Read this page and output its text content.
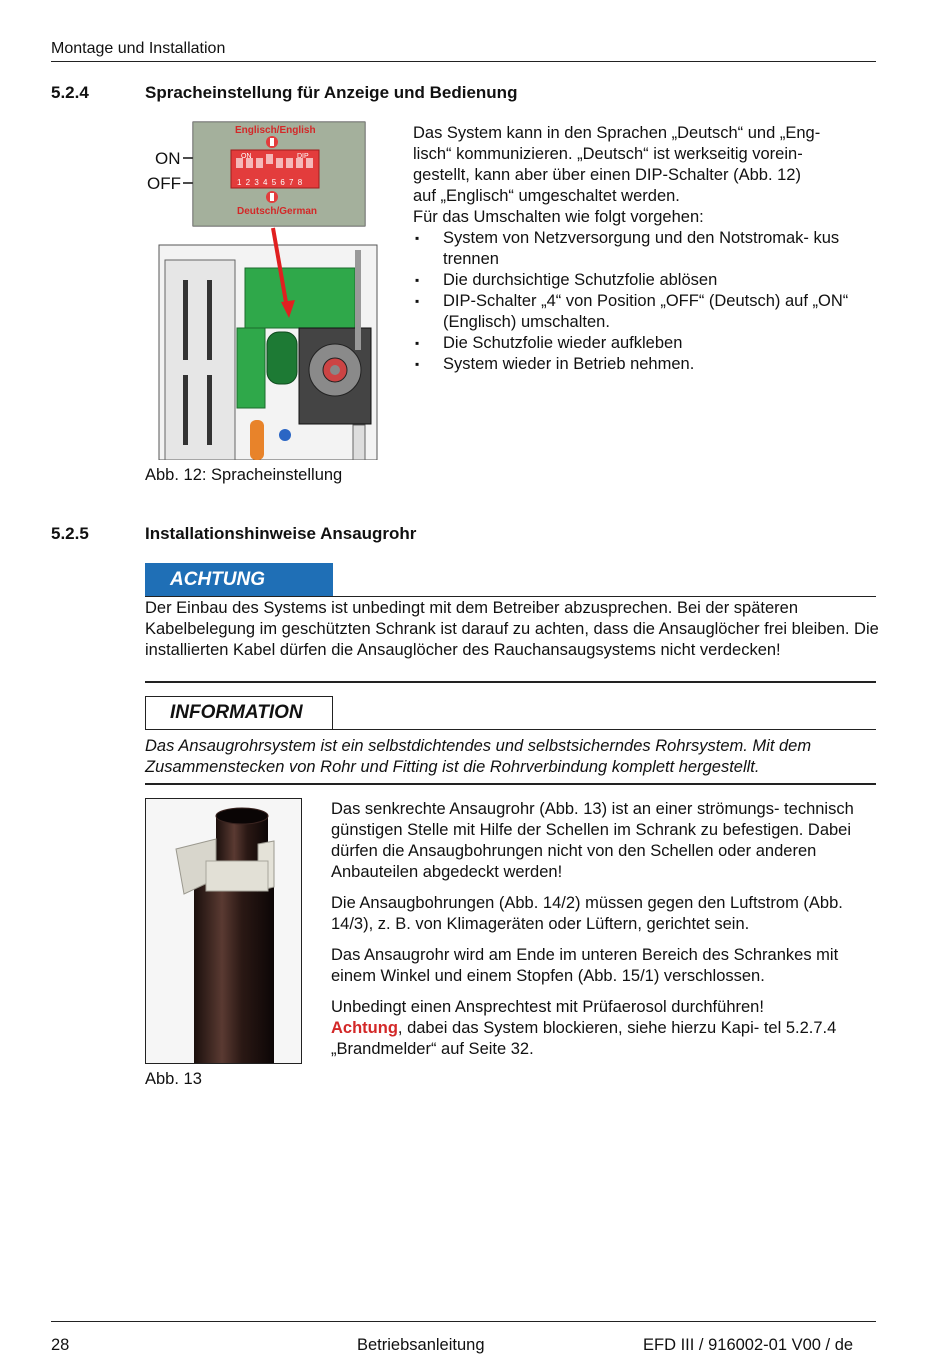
Montage und Installation
5.2.4	Spracheinstellung für Anzeige und Bedienung
ON
OFF
Englisch/English
ON	DIP
1 2 3 4 5 6 7 8
Deutsch/German
Abb. 12: Spracheinstellung
Das System kann in den Sprachen „Deutsch“ und „Eng-
lisch“ kommunizieren. „Deutsch“ ist werkseitig vorein-
gestellt, kann aber über einen DIP-Schalter (Abb. 12)
auf „Englisch“ umgeschaltet werden.
Für das Umschalten wie folgt vorgehen:
▪ System von Netzversorgung und den Notstromak- kus trennen
▪ Die durchsichtige Schutzfolie ablösen
▪ DIP-Schalter „4“ von Position „OFF“ (Deutsch) auf „ON“ (Englisch) umschalten.
▪ Die Schutzfolie wieder aufkleben
▪ System wieder in Betrieb nehmen.
5.2.5	Installationshinweise Ansaugrohr
ACHTUNG
Der Einbau des Systems ist unbedingt mit dem Betreiber abzusprechen. Bei der späteren Kabelbelegung im geschützten Schrank ist darauf zu achten, dass die Ansauglöcher frei bleiben. Die installierten Kabel dürfen die Ansauglöcher des Rauchansaugsystems nicht verdecken!
INFORMATION
Das Ansaugrohrsystem ist ein selbstdichtendes und selbstsicherndes Rohrsystem. Mit dem Zusammenstecken von Rohr und Fitting ist die Rohrverbindung komplett hergestellt.
Abb. 13

Das senkrechte Ansaugrohr (Abb. 13) ist an einer strömungs- technisch günstigen Stelle mit Hilfe der Schellen im Schrank zu befestigen. Dabei dürfen die Ansaugbohrungen nicht von den Schellen oder anderen Anbauteilen abgedeckt werden!

Die Ansaugbohrungen (Abb. 14/2) müssen gegen den Luftstrom (Abb. 14/3), z. B. von Klimageräten oder Lüftern, gerichtet sein.

Das Ansaugrohr wird am Ende im unteren Bereich des Schrankes mit einem Winkel und einem Stopfen (Abb. 15/1) verschlossen.

Unbedingt einen Ansprechtest mit Prüfaerosol durchführen!
Achtung, dabei das System blockieren, siehe hierzu Kapi- tel 5.2.7.4 „Brandmelder“ auf Seite 32.

28	Betriebsanleitung	EFD III / 916002-01 V00 / de
